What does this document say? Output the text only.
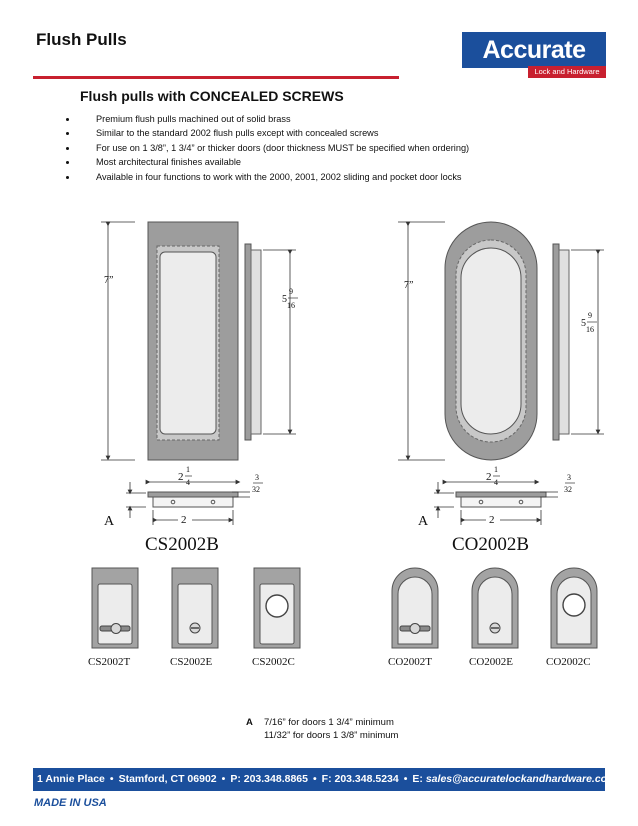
Flush Pulls	Accurate
Lock and Hardware
Flush pulls with CONCEALED SCREWS
• Premium flush pulls machined out of solid brass
• Similar to the standard 2002 flush pulls except with concealed screws
• For use on 1 3/8”, 1 3/4” or thicker doors (door thickness MUST be specified when ordering)
• Most architectural finishes available
• Available in four functions to work with the 2000, 2001, 2002 sliding and pocket door locks
7”
5
9
16
2
1
4
3
32
2
A
CS2002B
7”
5
9
16
2
1
4
3
32
2
A
CO2002B
CS2002T	CS2002E	CS2002C	CO2002T	CO2002E	CO2002C
A 7/16” for doors 1 3/4” minimum
11/32” for doors 1 3/8” minimum
1 Annie Place • Stamford, CT 06902 • P: 203.348.8865 • F: 203.348.5234 • E: sales@accuratelockandhardware.com
MADE IN USA
